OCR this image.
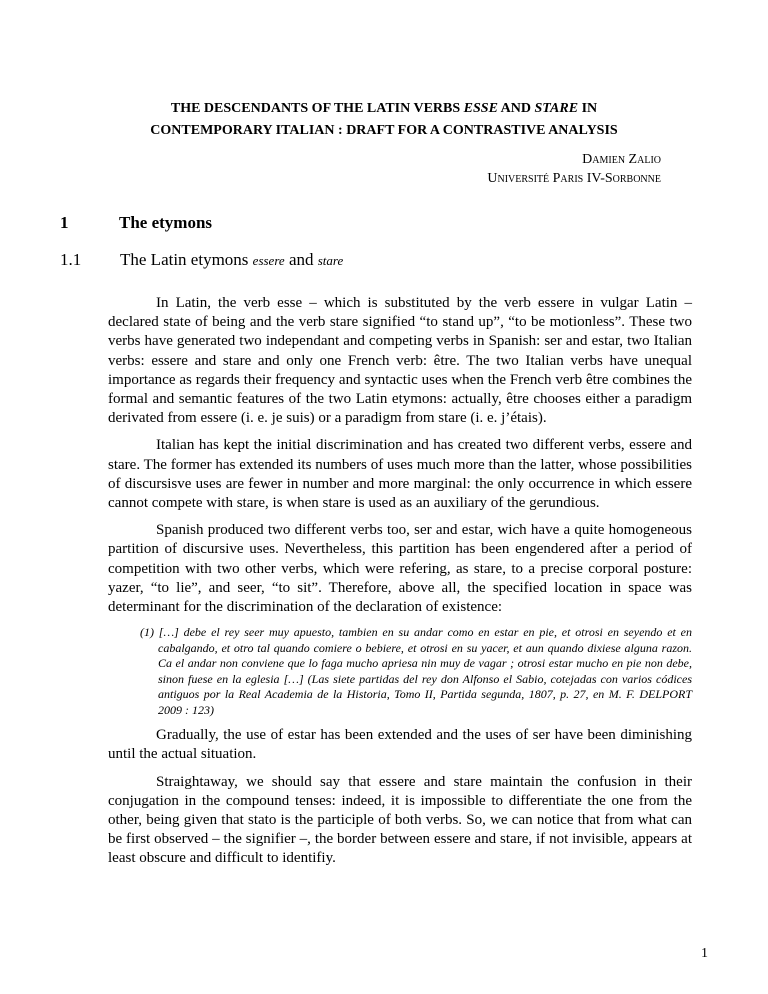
THE DESCENDANTS OF THE LATIN VERBS ESSE AND STARE IN
CONTEMPORARY ITALIAN : DRAFT FOR A CONTRASTIVE ANALYSIS
Damien Zalio
Université Paris IV-Sorbonne
1	The etymons
1.1 The Latin etymons essere and stare

In Latin, the verb esse – which is substituted by the verb essere in vulgar Latin – declared state of being and the verb stare signified “to stand up”, “to be motionless”. These two verbs have generated two independant and competing verbs in Spanish: ser and estar, two Italian verbs: essere and stare and only one French verb: être. The two Italian verbs have unequal importance as regards their frequency and syntactic uses when the French verb être combines the formal and semantic features of the two Latin etymons: actually, être chooses either a paradigm derivated from essere (i. e. je suis) or a paradigm from stare (i. e. j’étais).

Italian has kept the initial discrimination and has created two different verbs, essere and stare. The former has extended its numbers of uses much more than the latter, whose possibilities of discursisve uses are fewer in number and more marginal: the only occurrence in which essere cannot compete with stare, is when stare is used as an auxiliary of the gerundious.

Spanish produced two different verbs too, ser and estar, wich have a quite homogeneous partition of discursive uses. Nevertheless, this partition has been engendered after a period of competition with two other verbs, which were refering, as stare, to a precise corporal posture: yazer, “to lie”, and seer, “to sit”. Therefore, above all, the specified location in space was determinant for the discrimination of the declaration of existence:

(1) […] debe el rey seer muy apuesto, tambien en su andar como en estar en pie, et otrosi en seyendo et en cabalgando, et otro tal quando comiere o bebiere, et otrosi en su yacer, et aun quando dixiese alguna razon. Ca el andar non conviene que lo faga mucho apriesa nin muy de vagar ; otrosi estar mucho en pie non debe, sinon fuese en la eglesia […] (Las siete partidas del rey don Alfonso el Sabio, cotejadas con varios códices antiguos por la Real Academia de la Historia, Tomo II, Partida segunda, 1807, p. 27, en M. F. DELPORT 2009 : 123)

Gradually, the use of estar has been extended and the uses of ser have been diminishing until the actual situation.

Straightaway, we should say that essere and stare maintain the confusion in their conjugation in the compound tenses: indeed, it is impossible to differentiate the one from the other, being given that stato is the participle of both verbs. So, we can notice that from what can be first observed – the signifier –, the border between essere and stare, if not invisible, appears at least obscure and difficult to identifiy.

1
